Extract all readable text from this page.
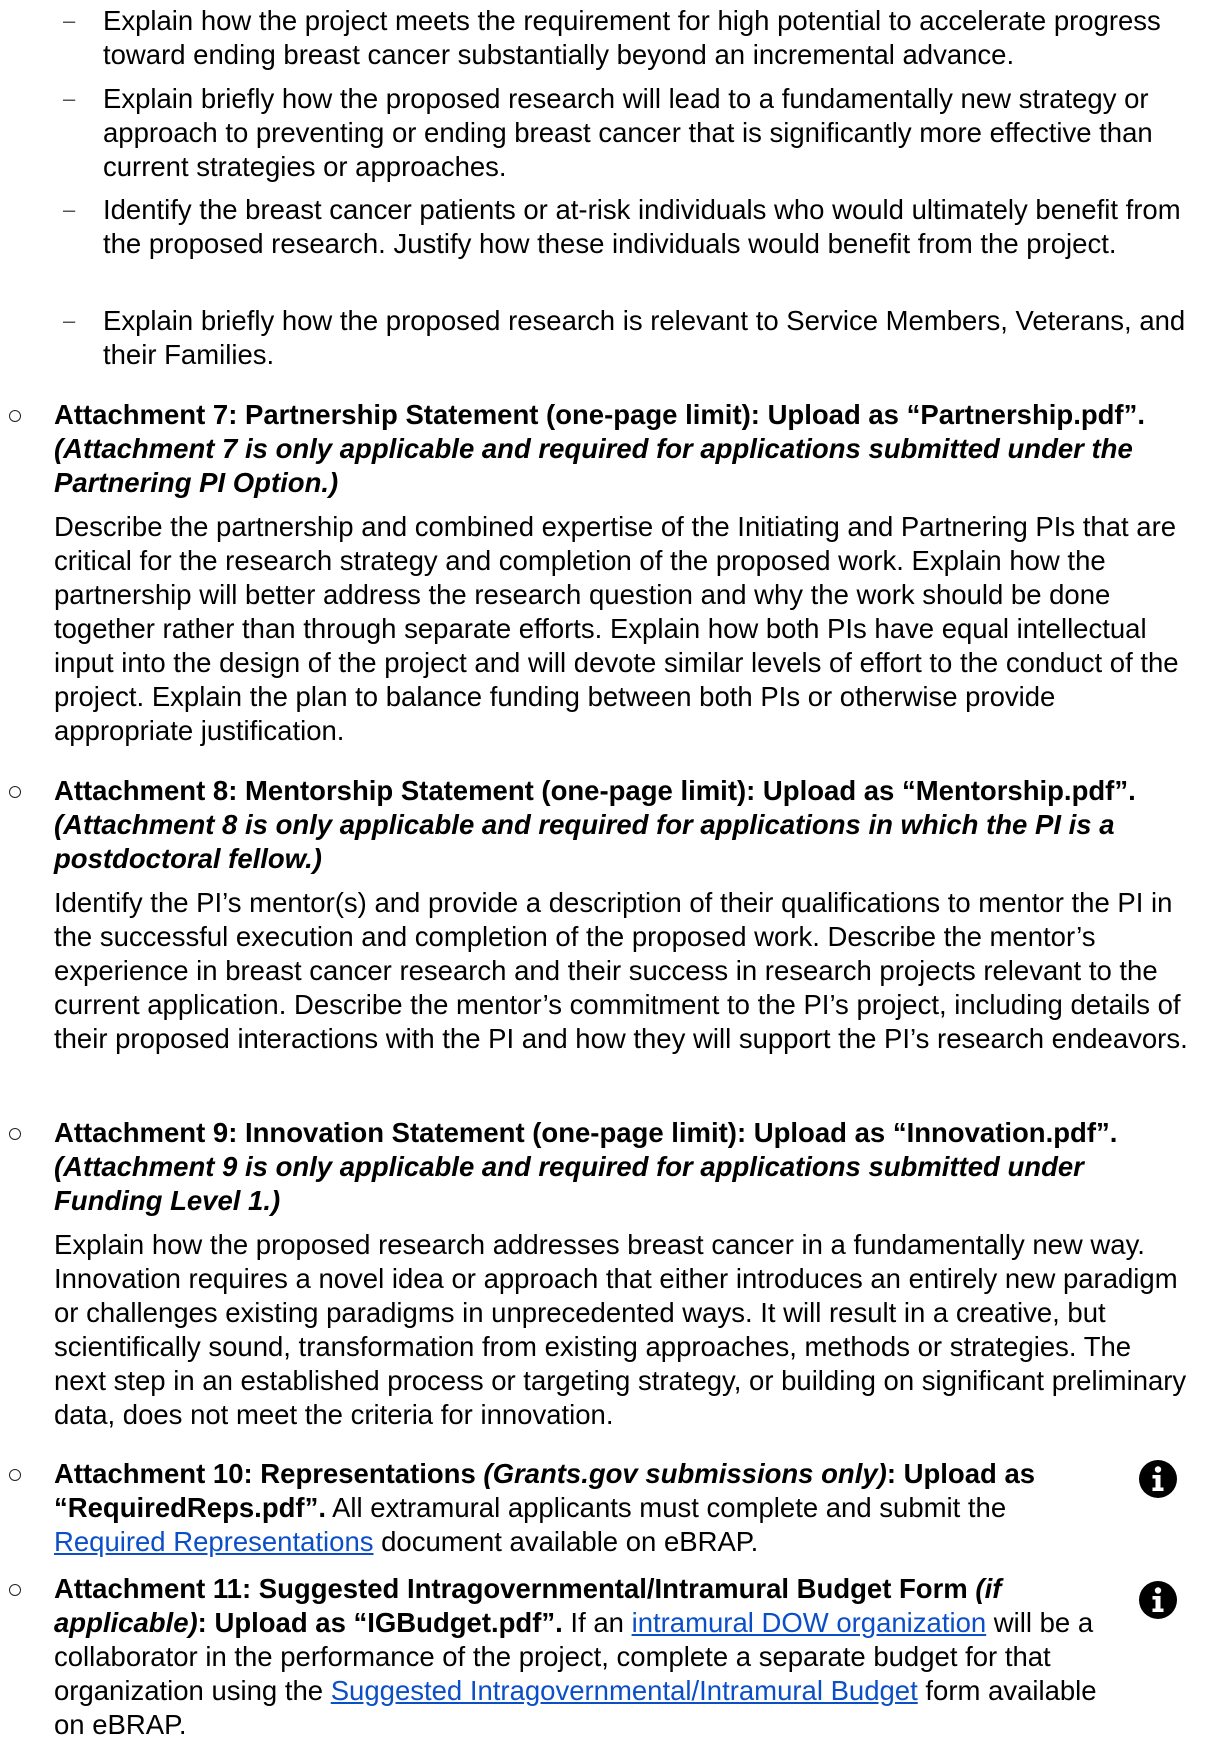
– Explain how the project meets the requirement for high potential to accelerate progress toward ending breast cancer substantially beyond an incremental advance.
– Explain briefly how the proposed research will lead to a fundamentally new strategy or approach to preventing or ending breast cancer that is significantly more effective than current strategies or approaches.
– Identify the breast cancer patients or at-risk individuals who would ultimately benefit from the proposed research. Justify how these individuals would benefit from the project.
– Explain briefly how the proposed research is relevant to Service Members, Veterans, and their Families.
Attachment 7: Partnership Statement (one-page limit): Upload as “Partnership.pdf”. (Attachment 7 is only applicable and required for applications submitted under the Partnering PI Option.)
Describe the partnership and combined expertise of the Initiating and Partnering PIs that are critical for the research strategy and completion of the proposed work. Explain how the partnership will better address the research question and why the work should be done together rather than through separate efforts. Explain how both PIs have equal intellectual input into the design of the project and will devote similar levels of effort to the conduct of the project. Explain the plan to balance funding between both PIs or otherwise provide appropriate justification.
Attachment 8: Mentorship Statement (one-page limit): Upload as “Mentorship.pdf”. (Attachment 8 is only applicable and required for applications in which the PI is a postdoctoral fellow.)
Identify the PI’s mentor(s) and provide a description of their qualifications to mentor the PI in the successful execution and completion of the proposed work. Describe the mentor’s experience in breast cancer research and their success in research projects relevant to the current application. Describe the mentor’s commitment to the PI’s project, including details of their proposed interactions with the PI and how they will support the PI’s research endeavors.
Attachment 9: Innovation Statement (one-page limit): Upload as “Innovation.pdf”. (Attachment 9 is only applicable and required for applications submitted under Funding Level 1.)
Explain how the proposed research addresses breast cancer in a fundamentally new way. Innovation requires a novel idea or approach that either introduces an entirely new paradigm or challenges existing paradigms in unprecedented ways. It will result in a creative, but scientifically sound, transformation from existing approaches, methods or strategies. The next step in an established process or targeting strategy, or building on significant preliminary data, does not meet the criteria for innovation.
Attachment 10: Representations (Grants.gov submissions only): Upload as “RequiredReps.pdf”. All extramural applicants must complete and submit the Required Representations document available on eBRAP.
Attachment 11: Suggested Intragovernmental/Intramural Budget Form (if applicable): Upload as “IGBudget.pdf”. If an intramural DOW organization will be a collaborator in the performance of the project, complete a separate budget for that organization using the Suggested Intragovernmental/Intramural Budget form available on eBRAP.
